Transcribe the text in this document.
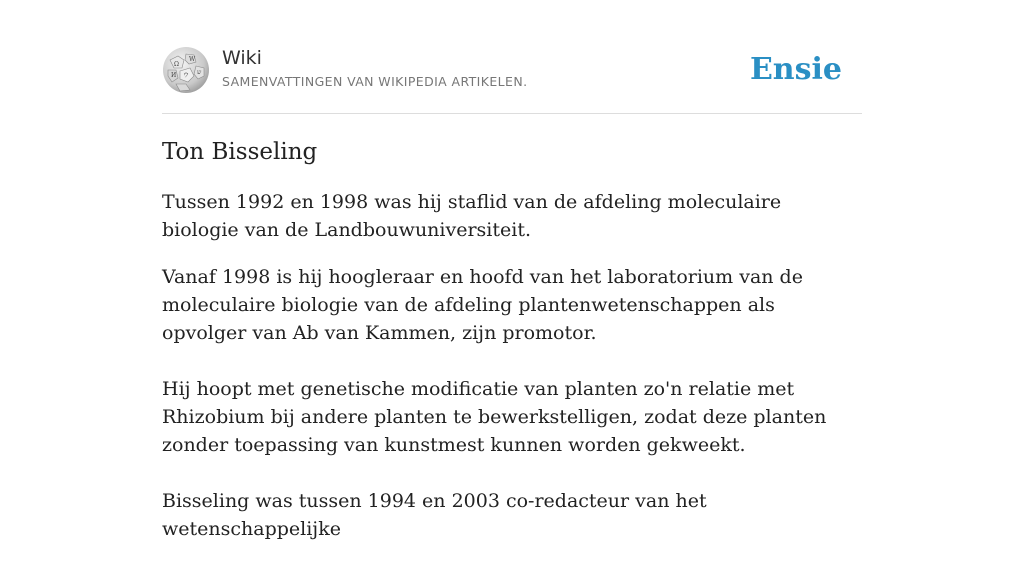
Ω
W
И ウ ש
Wiki
SAMENVATTINGEN VAN WIKIPEDIA ARTIKELEN.	Ensie
Ton Bisseling

Tussen 1992 en 1998 was hij staflid van de afdeling moleculaire biologie van de Landbouwuniversiteit.

Vanaf 1998 is hij hoogleraar en hoofd van het laboratorium van de moleculaire biologie van de afdeling plantenwetenschappen als opvolger van Ab van Kammen, zijn promotor.

Hij hoopt met genetische modificatie van planten zo'n relatie met Rhizobium bij andere planten te bewerkstelligen, zodat deze planten zonder toepassing van kunstmest kunnen worden gekweekt.

Bisseling was tussen 1994 en 2003 co-redacteur van het wetenschappelijke
